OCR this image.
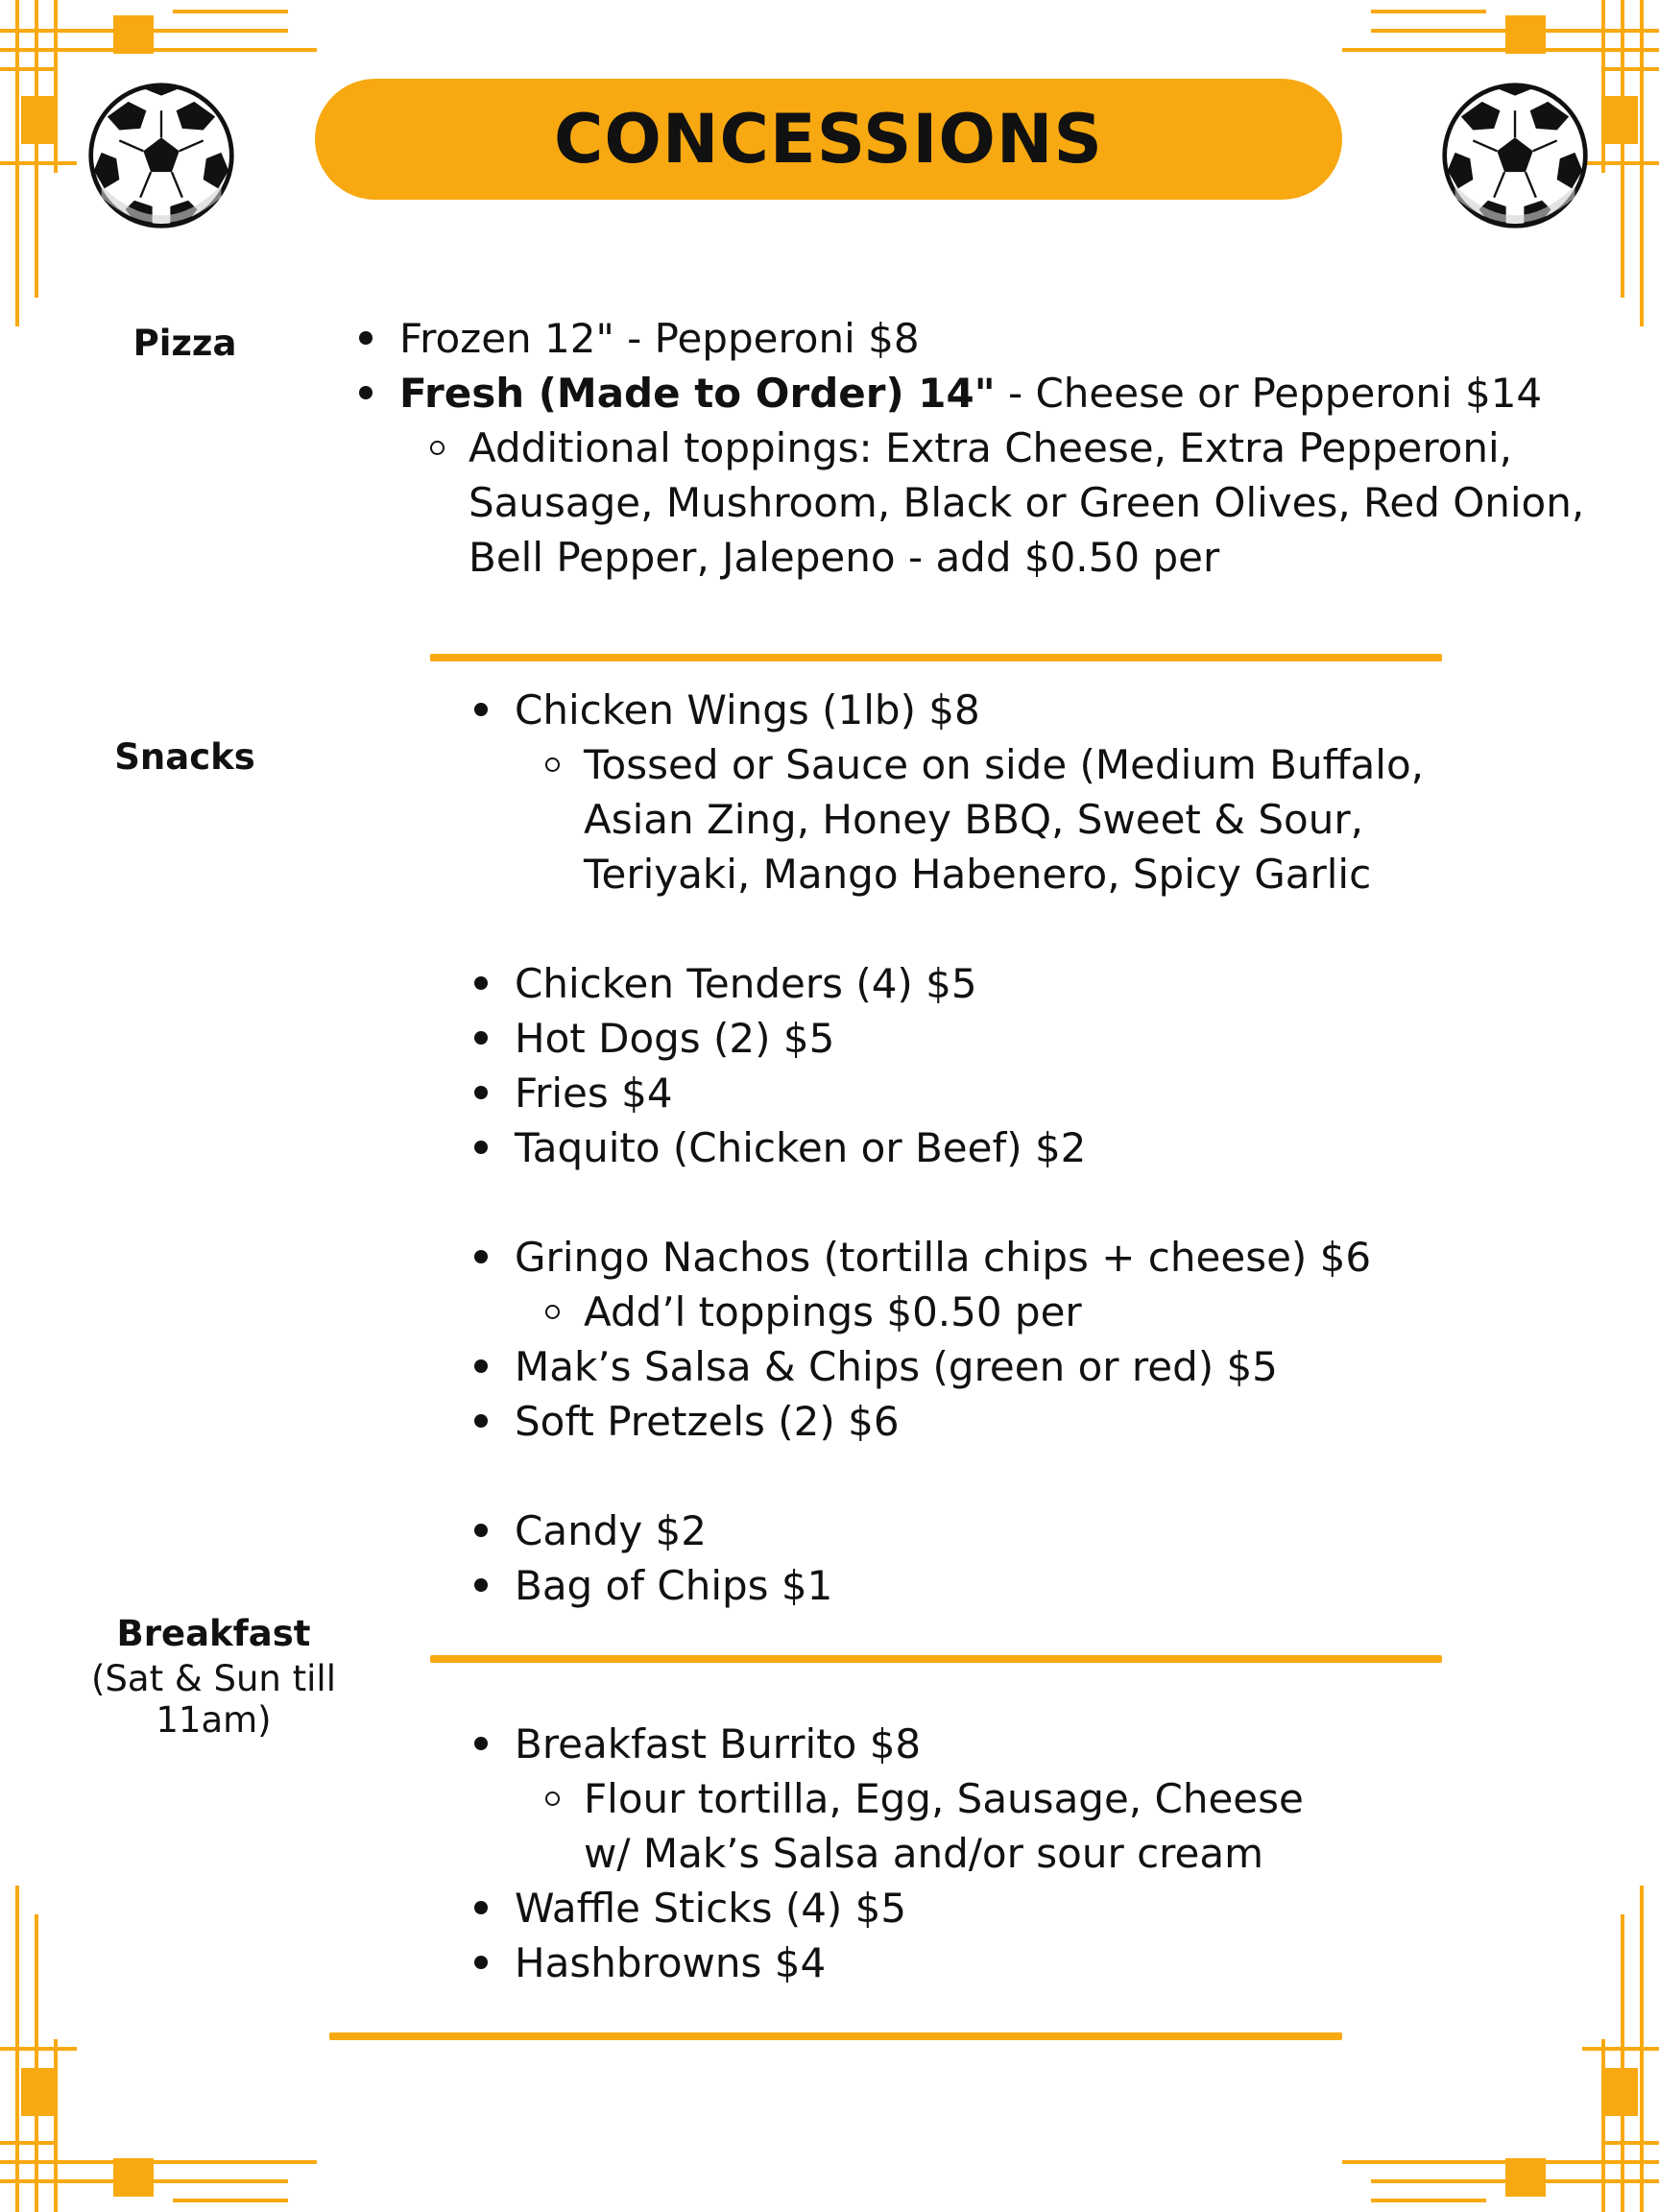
CONCESSIONS
Pizza	Frozen 12" - Pepperoni $8
Fresh (Made to Order) 14" - Cheese or Pepperoni $14
Additional toppings: Extra Cheese, Extra Pepperoni,
Sausage, Mushroom, Black or Green Olives, Red Onion,
Bell Pepper, Jalepeno - add $0.50 per
Snacks
Chicken Wings (1lb) $8
Tossed or Sauce on side (Medium Buffalo,
Asian Zing, Honey BBQ, Sweet & Sour,
Teriyaki, Mango Habenero, Spicy Garlic
Chicken Tenders (4) $5
Hot Dogs (2) $5
Fries $4
Taquito (Chicken or Beef) $2
Gringo Nachos (tortilla chips + cheese) $6
Add’l toppings $0.50 per
Mak’s Salsa & Chips (green or red) $5
Soft Pretzels (2) $6
Candy $2
Bag of Chips $1
Breakfast
(Sat & Sun till 11am)
Breakfast Burrito $8
Flour tortilla, Egg, Sausage, Cheese
w/ Mak’s Salsa and/or sour cream
Waffle Sticks (4) $5
Hashbrowns $4
